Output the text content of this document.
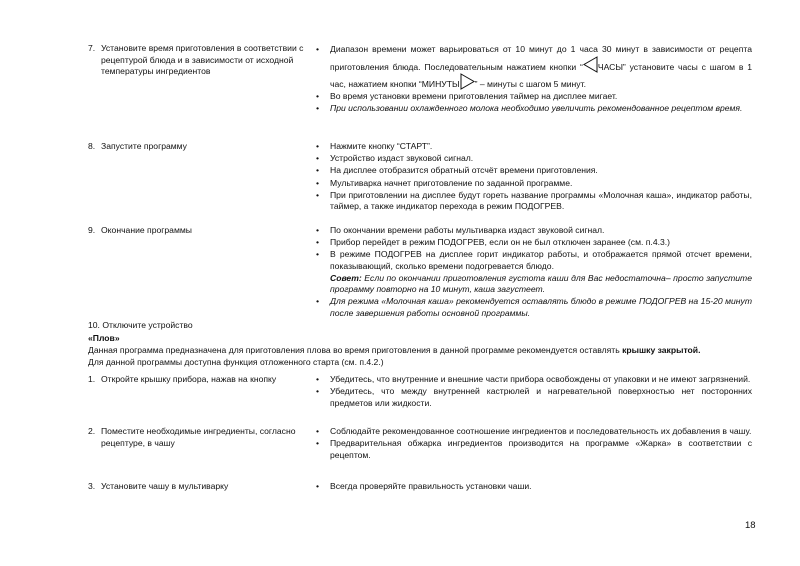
7. Установите время приготовления в соответствии с рецептурой блюда и в зависимости от исходной температуры ингредиентов
• Диапазон времени может варьироваться от 10 минут до 1 часа 30 минут в зависимости от рецепта приготовления блюда. Последовательным нажатием кнопки “ ЧАСЫ” установите часы с шагом в 1 час, нажатием кнопки “МИНУТЫ ” – минуты с шагом 5 минут.
• Во время установки времени приготовления таймер на дисплее мигает.
• При использовании охлажденного молока необходимо увеличить рекомендованное рецептом время.
8. Запустите программу	• Нажмите кнопку “СТАРТ”.
• Устройство издаст звуковой сигнал.
• На дисплее отобразится обратный отсчёт времени приготовления.
• Мультиварка начнет приготовление по заданной программе.
• При приготовлении на дисплее будут гореть название программы «Молочная каша», индикатор работы, таймер, а также индикатор перехода в режим ПОДОГРЕВ.
9. Окончание программы	• По окончании времени работы мультиварка издаст звуковой сигнал.
• Прибор перейдет в режим ПОДОГРЕВ, если он не был отключен заранее (см. п.4.3.)
• В режиме ПОДОГРЕВ на дисплее горит индикатор работы, и отображается прямой отсчет времени, показывающий, сколько времени подогревается блюдо.
Совет: Если по окончании приготовления густота каши для Вас недостаточна– просто запустите программу повторно на 10 минут, каша загустеет.
• Для режима «Молочная каша» рекомендуется оставлять блюдо в режиме ПОДОГРЕВ на 15-20 минут после завершения работы основной программы.
10. Отключите устройство
«Плов»
Данная программа предназначена для приготовления плова во время приготовления в данной программе рекомендуется оставлять крышку закрытой.
Для данной программы доступна функция отложенного старта (см. п.4.2.)
1. Откройте крышку прибора, нажав на кнопку	• Убедитесь, что внутренние и внешние части прибора освобождены от упаковки и не имеют загрязнений.
• Убедитесь, что между внутренней кастрюлей и нагревательной поверхностью нет посторонних предметов или жидкости.
2. Поместите необходимые ингредиенты, согласно рецептуре, в чашу
• Соблюдайте рекомендованное соотношение ингредиентов и последовательность их добавления в чашу.
• Предварительная обжарка ингредиентов производится на программе «Жарка» в соответствии с рецептом.
3. Установите чашу в мультиварку	• Всегда проверяйте правильность установки чаши.
18
